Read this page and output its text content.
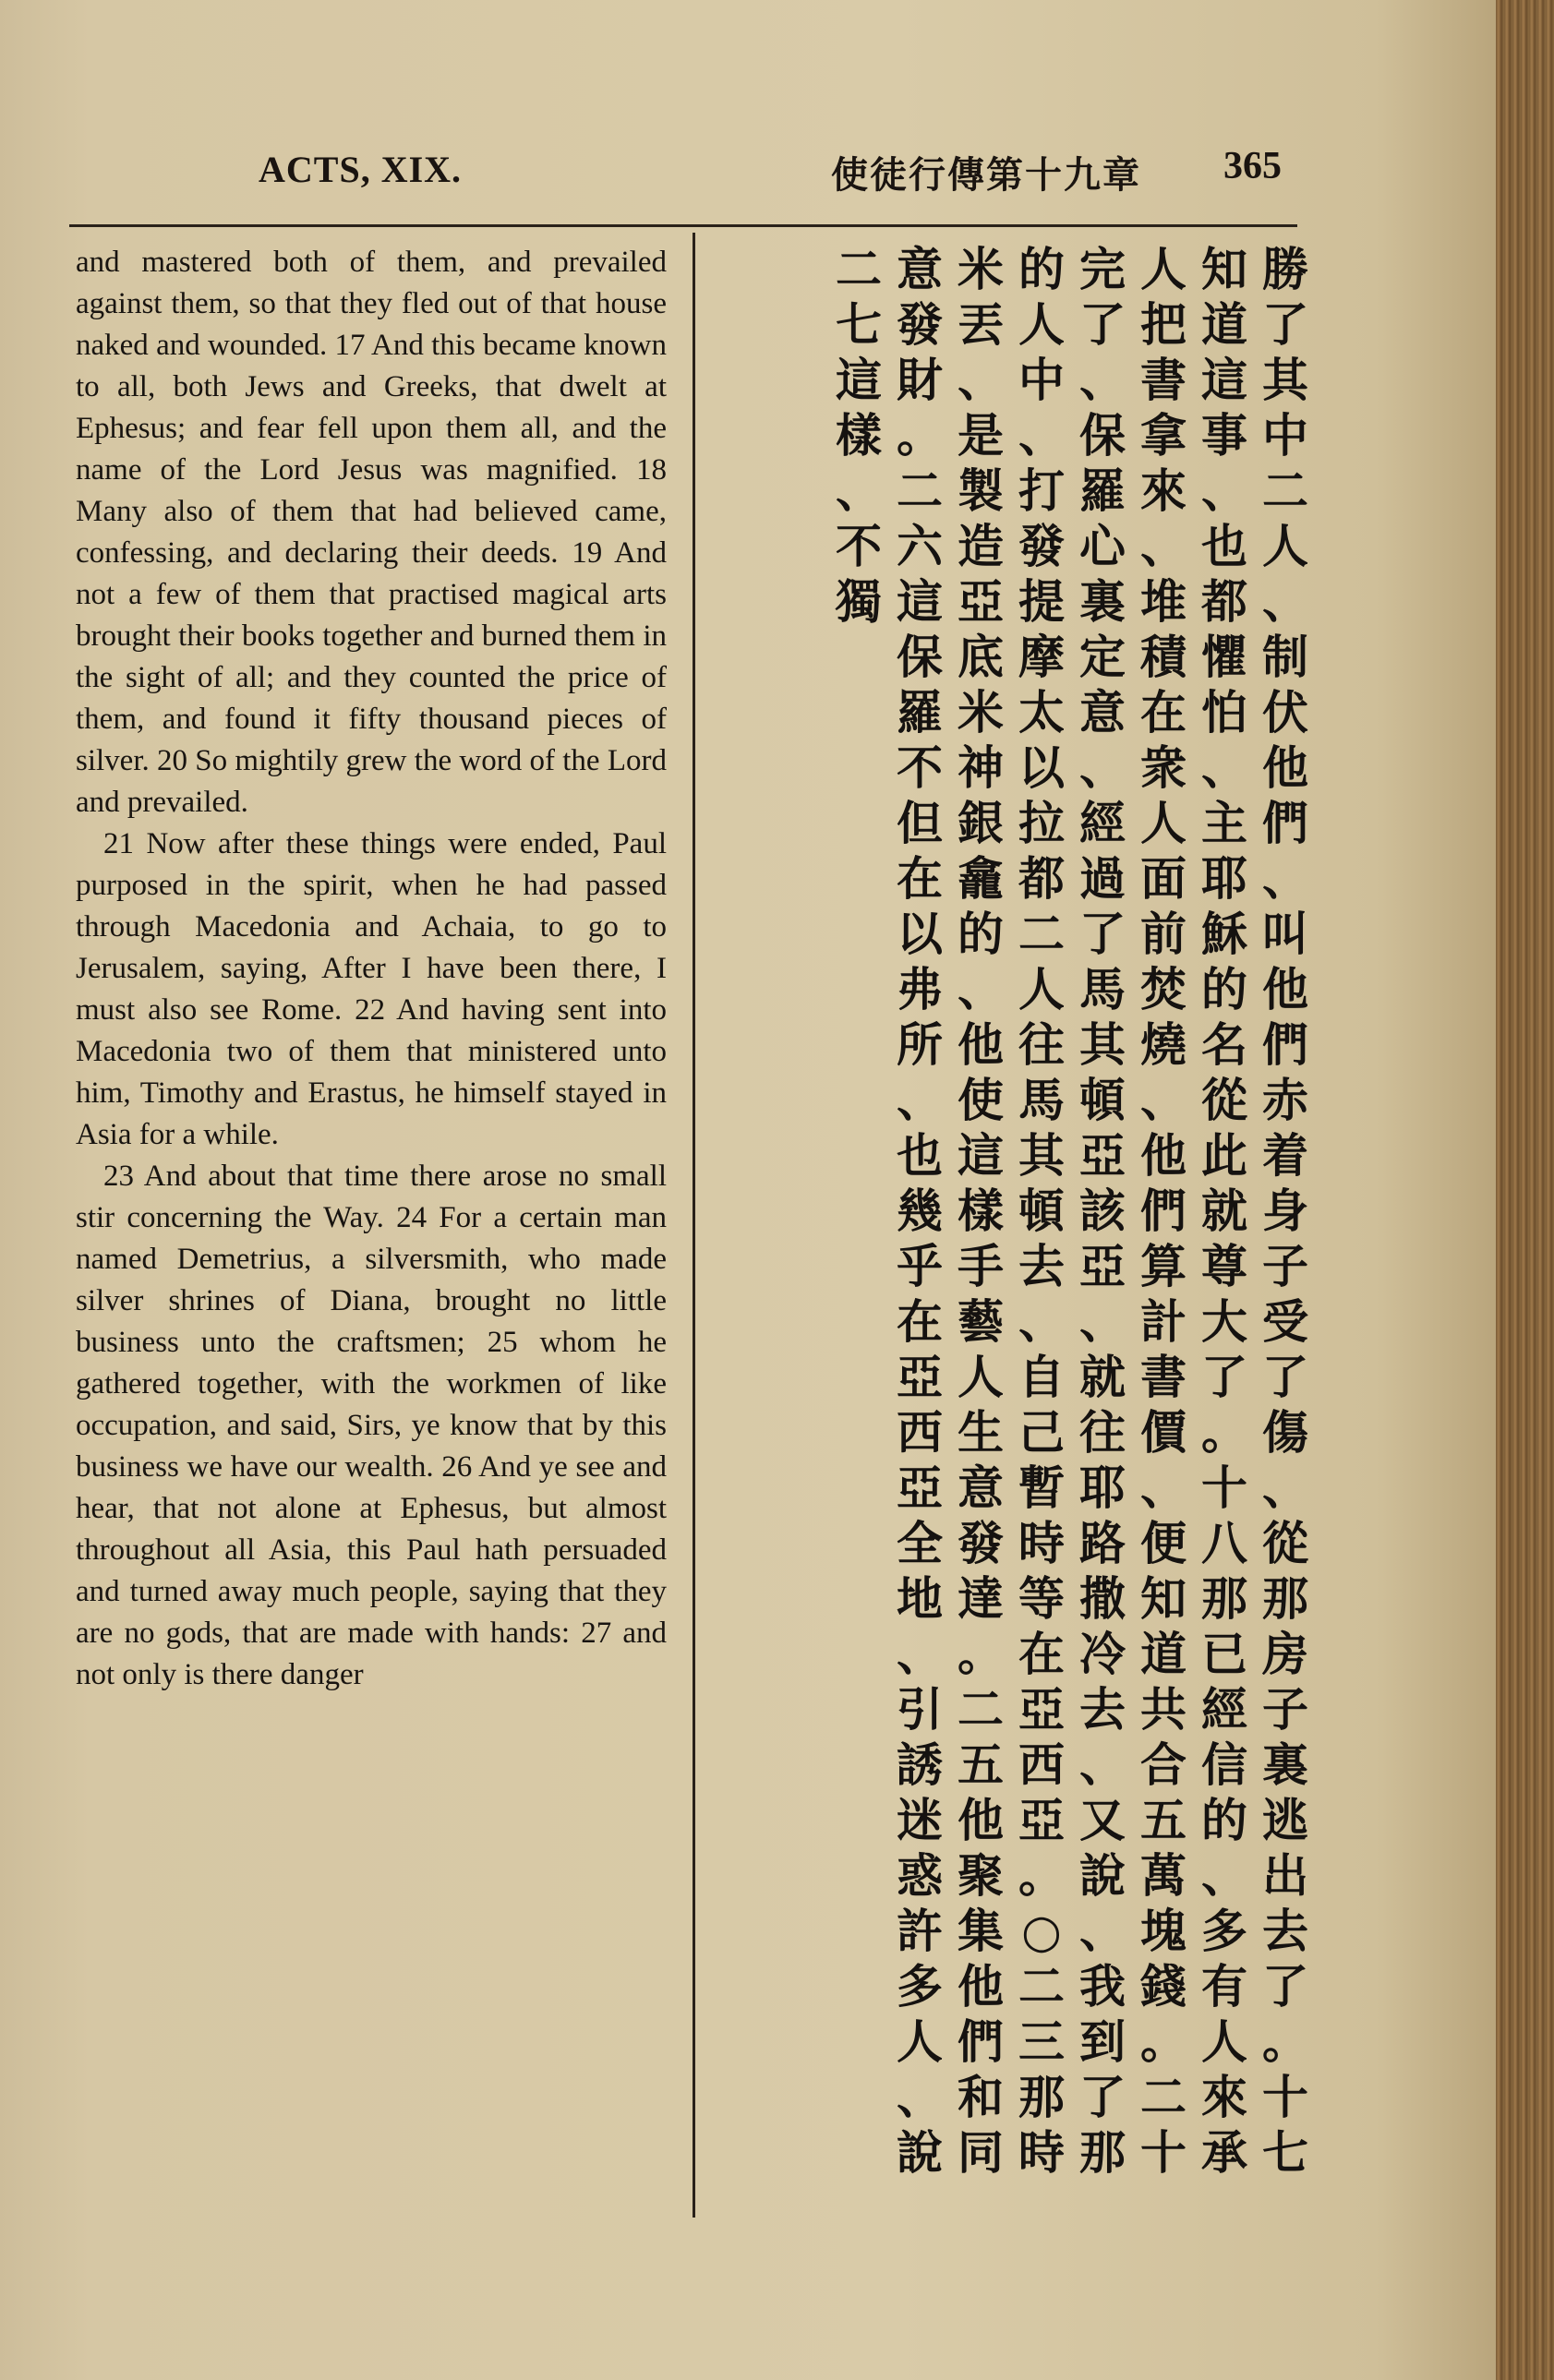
ACTS, XIX.	使徒行傳第十九章 365

and mastered both of them, and prevailed against them, so that they fled out of that house naked and wounded. 17 And this became known to all, both Jews and Greeks, that dwelt at Ephesus; and fear fell upon them all, and the name of the Lord Jesus was magnified. 18 Many also of them that had believed came, confessing, and declaring their deeds. 19 And not a few of them that practised magical arts brought their books together and burned them in the sight of all; and they counted the price of them, and found it fifty thousand pieces of silver. 20 So mightily grew the word of the Lord and prevailed.

21 Now after these things were ended, Paul purposed in the spirit, when he had passed through Macedonia and Achaia, to go to Jerusalem, saying, After I have been there, I must also see Rome. 22 And having sent into Macedonia two of them that ministered unto him, Timothy and Erastus, he himself stayed in Asia for a while.

23 And about that time there arose no small stir concerning the Way. 24 For a certain man named Demetrius, a silversmith, who made silver shrines of Diana, brought no little business unto the craftsmen; 25 whom he gathered together, with the workmen of like occupation, and said, Sirs, ye know that by this business we have our wealth. 26 And ye see and hear, that not alone at Ephesus, but almost throughout all Asia, this Paul hath persuaded and turned away much people, saying that they are no gods, that are made with hands: 27 and not only is there danger

勝
了
其
中
二
人
、
制
伏
他
們
、
叫
他
們
赤
着
身
子
受
了
傷
、
從
那
房
子
裏
逃
出
去
了
。
十
七
知
道
這
事
、
也
都
懼
怕
、
主
耶
穌
的
名
從
此
就
尊
大
了
。
十
八
那
已
經
信
的
、
多
有
人
來
承
人
把
書
拿
來
、
堆
積
在
衆
人
面
前
焚
燒
、
他
們
算
計
書
價
、
便
知
道
共
合
五
萬
塊
錢
。
二
十
完
了
、
保
羅
心
裏
定
意
、
經
過
了
馬
其
頓
亞
該
亞
、
就
往
耶
路
撒
冷
去
、
又
說
、
我
到
了
那
的
人
中
、
打
發
提
摩
太
以
拉
都
二
人
往
馬
其
頓
去
、
自
己
暫
時
等
在
亞
西
亞
。
○
二
三
那
時
米
丟
、
是
製
造
亞
底
米
神
銀
龕
的
、
他
使
這
樣
手
藝
人
生
意
發
達
。
二
五
他
聚
集
他
們
和
同
意
發
財
。
二
六
這
保
羅
不
但
在
以
弗
所
、
也
幾
乎
在
亞
西
亞
全
地
、
引
誘
迷
惑
許
多
人
、
說
二
七
這
樣
、
不
獨
